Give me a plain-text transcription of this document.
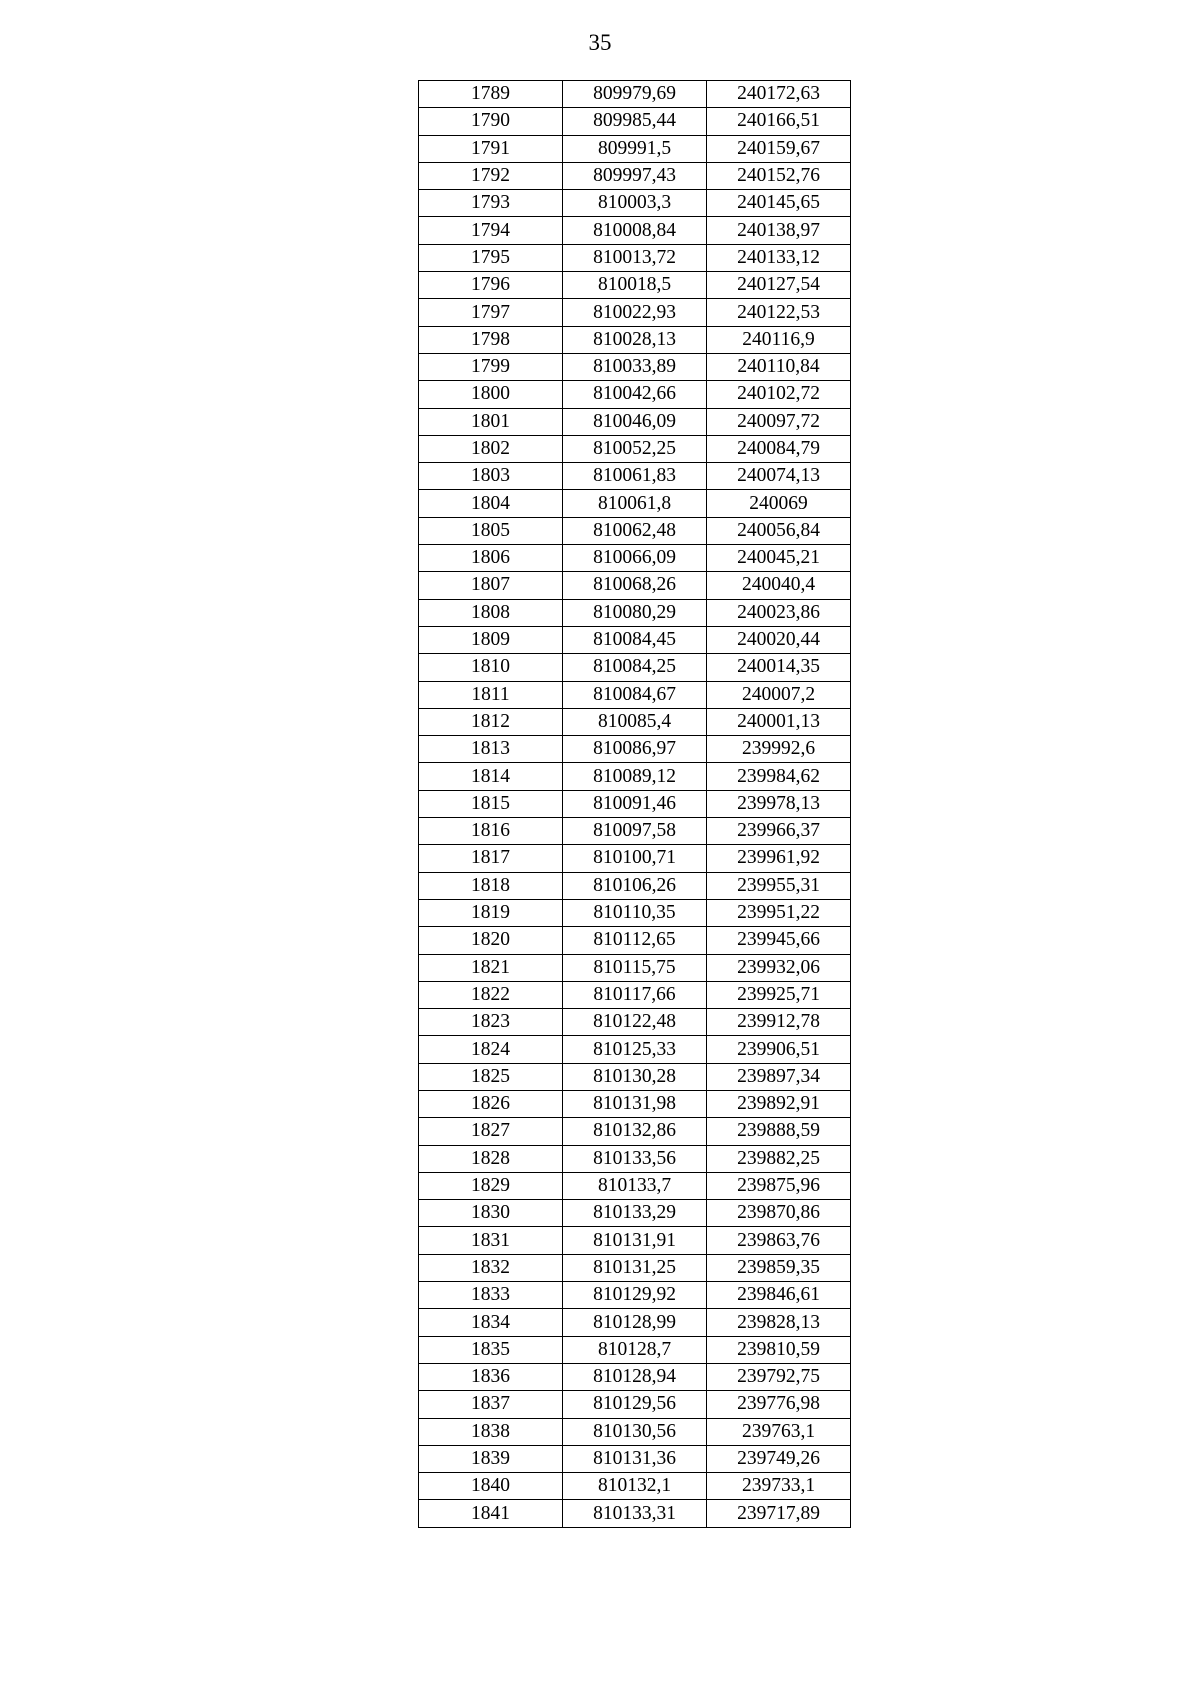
35
1789	809979,69	240172,63
1790	809985,44	240166,51
1791	809991,5	240159,67
1792	809997,43	240152,76
1793	810003,3	240145,65
1794	810008,84	240138,97
1795	810013,72	240133,12
1796	810018,5	240127,54
1797	810022,93	240122,53
1798	810028,13	240116,9
1799	810033,89	240110,84
1800	810042,66	240102,72
1801	810046,09	240097,72
1802	810052,25	240084,79
1803	810061,83	240074,13
1804	810061,8	240069
1805	810062,48	240056,84
1806	810066,09	240045,21
1807	810068,26	240040,4
1808	810080,29	240023,86
1809	810084,45	240020,44
1810	810084,25	240014,35
1811	810084,67	240007,2
1812	810085,4	240001,13
1813	810086,97	239992,6
1814	810089,12	239984,62
1815	810091,46	239978,13
1816	810097,58	239966,37
1817	810100,71	239961,92
1818	810106,26	239955,31
1819	810110,35	239951,22
1820	810112,65	239945,66
1821	810115,75	239932,06
1822	810117,66	239925,71
1823	810122,48	239912,78
1824	810125,33	239906,51
1825	810130,28	239897,34
1826	810131,98	239892,91
1827	810132,86	239888,59
1828	810133,56	239882,25
1829	810133,7	239875,96
1830	810133,29	239870,86
1831	810131,91	239863,76
1832	810131,25	239859,35
1833	810129,92	239846,61
1834	810128,99	239828,13
1835	810128,7	239810,59
1836	810128,94	239792,75
1837	810129,56	239776,98
1838	810130,56	239763,1
1839	810131,36	239749,26
1840	810132,1	239733,1
1841	810133,31	239717,89
